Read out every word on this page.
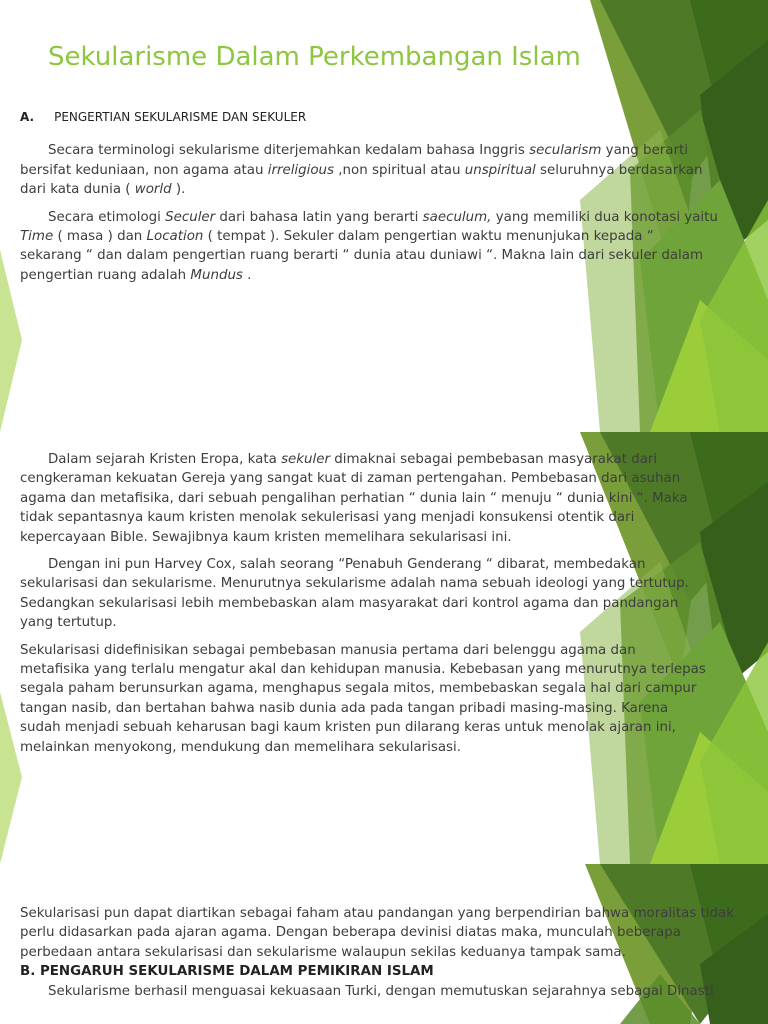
Sekularisme Dalam Perkembangan Islam
A. PENGERTIAN SEKULARISME DAN SEKULER

Secara terminologi sekularisme diterjemahkan kedalam bahasa Inggris secularism yang berarti bersifat keduniaan, non agama atau irreligious ,non spiritual atau unspiritual seluruhnya berdasarkan dari kata dunia ( world ).

Secara etimologi Seculer dari bahasa latin yang berarti saeculum, yang memiliki dua konotasi yaitu Time ( masa ) dan Location ( tempat ). Sekuler dalam pengertian waktu menunjukan kepada “ sekarang “ dan dalam pengertian ruang berarti “ dunia atau duniawi “. Makna lain dari sekuler dalam pengertian ruang adalah Mundus .

Dalam sejarah Kristen Eropa, kata sekuler dimaknai sebagai pembebasan masyarakat dari cengkeraman kekuatan Gereja yang sangat kuat di zaman pertengahan. Pembebasan dari asuhan agama dan metafisika, dari sebuah pengalihan perhatian “ dunia lain “ menuju “ dunia kini “. Maka tidak sepantasnya kaum kristen menolak sekulerisasi yang menjadi konsukensi otentik dari kepercayaan Bible. Sewajibnya kaum kristen memelihara sekularisasi ini.

Dengan ini pun Harvey Cox, salah seorang “Penabuh Genderang “ dibarat, membedakan sekularisasi dan sekularisme. Menurutnya sekularisme adalah nama sebuah ideologi yang tertutup. Sedangkan sekularisasi lebih membebaskan alam masyarakat dari kontrol agama dan pandangan yang tertutup.

Sekularisasi didefinisikan sebagai pembebasan manusia pertama dari belenggu agama dan metafisika yang terlalu mengatur akal dan kehidupan manusia. Kebebasan yang menurutnya terlepas segala paham berunsurkan agama, menghapus segala mitos, membebaskan segala hal dari campur tangan nasib, dan bertahan bahwa nasib dunia ada pada tangan pribadi masing-masing. Karena sudah menjadi sebuah keharusan bagi kaum kristen pun dilarang keras untuk menolak ajaran ini, melainkan menyokong, mendukung dan memelihara sekularisasi.

Sekularisasi pun dapat diartikan sebagai faham atau pandangan yang berpendirian bahwa moralitas tidak perlu didasarkan pada ajaran agama. Dengan beberapa devinisi diatas maka, munculah beberapa perbedaan antara sekularisasi dan sekularisme walaupun sekilas keduanya tampak sama.

B. PENGARUH SEKULARISME DALAM PEMIKIRAN ISLAM

Sekularisme berhasil menguasai kekuasaan Turki, dengan memutuskan sejarahnya sebagai Dinasti
